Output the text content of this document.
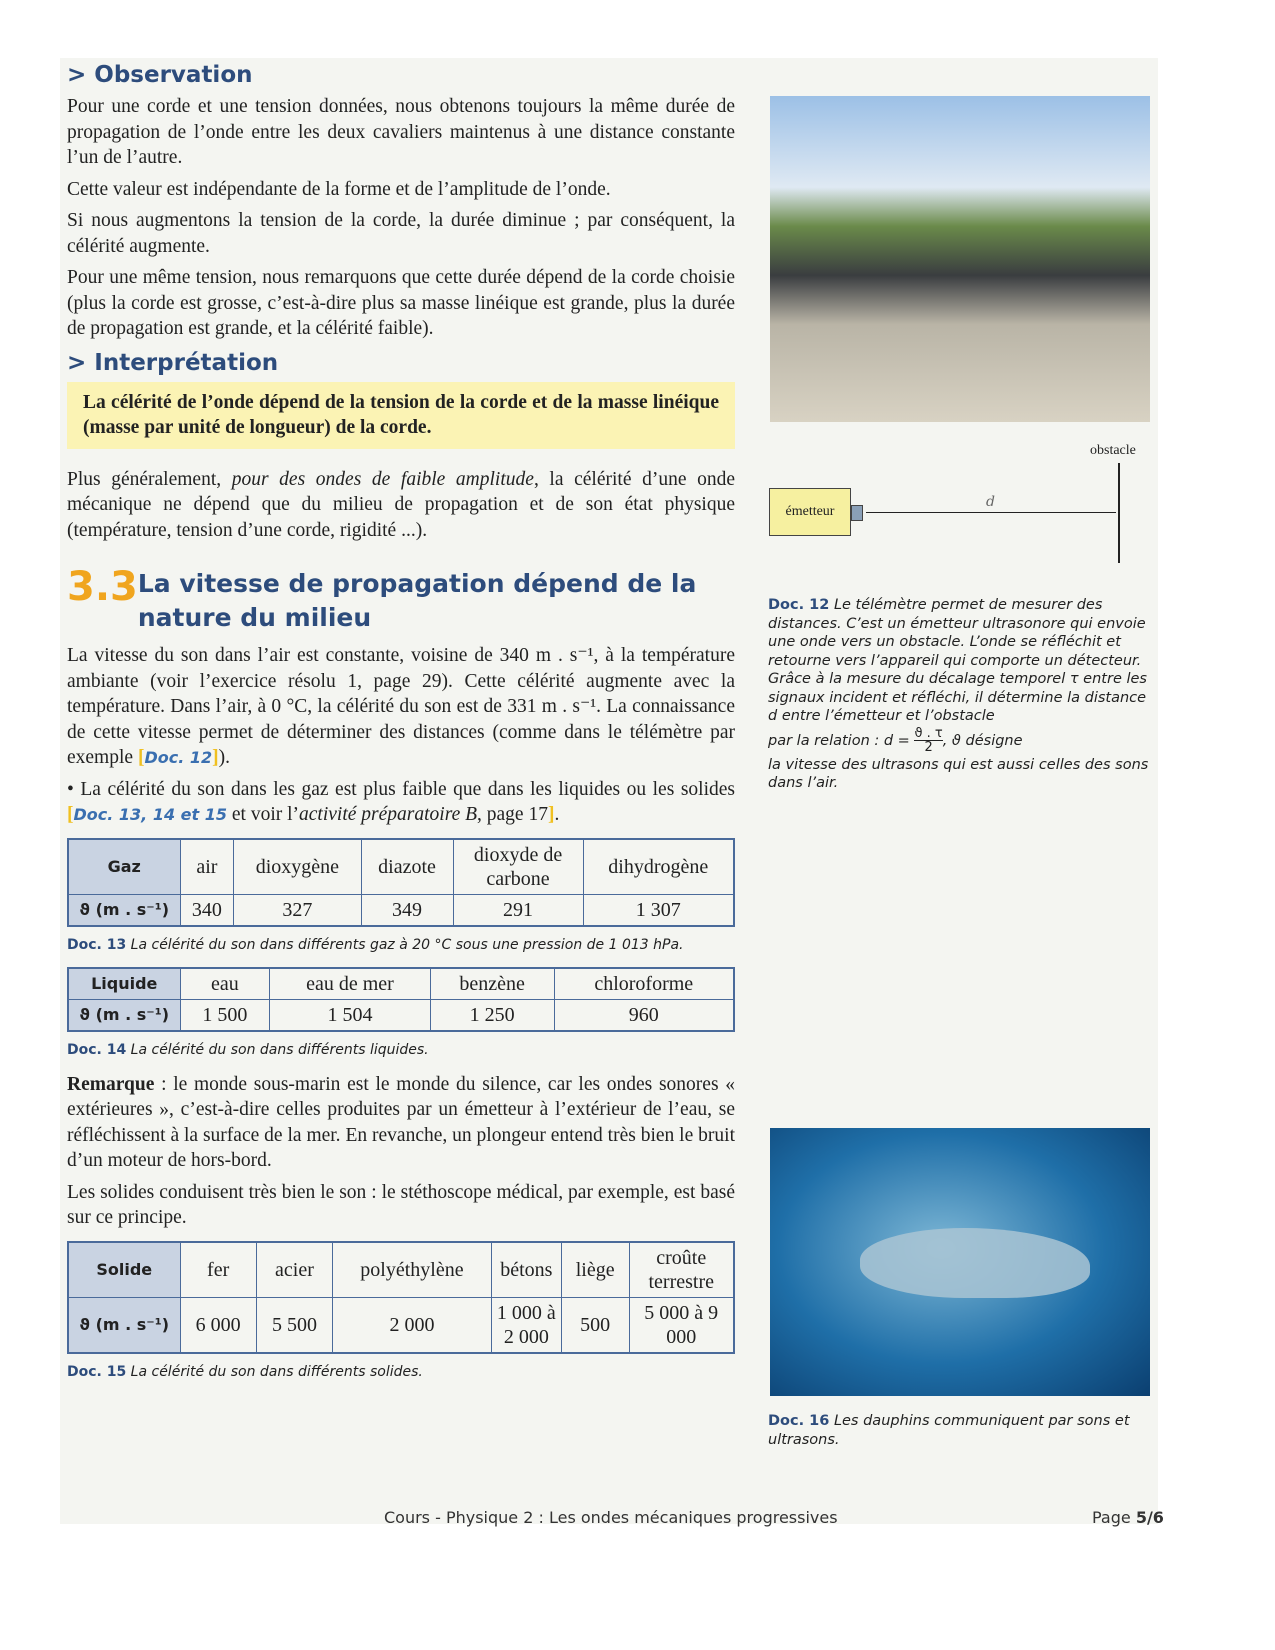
> Observation

Pour une corde et une tension données, nous obtenons toujours la même durée de propagation de l’onde entre les deux cavaliers maintenus à une distance constante l’un de l’autre.

Cette valeur est indépendante de la forme et de l’amplitude de l’onde.

Si nous augmentons la tension de la corde, la durée diminue ; par conséquent, la célérité augmente.

Pour une même tension, nous remarquons que cette durée dépend de la corde choisie (plus la corde est grosse, c’est-à-dire plus sa masse linéique est grande, plus la durée de propagation est grande, et la célérité faible).

> Interprétation

La célérité de l’onde dépend de la tension de la corde et de la masse linéique (masse par unité de longueur) de la corde.

Plus généralement, pour des ondes de faible amplitude, la célérité d’une onde mécanique ne dépend que du milieu de propagation et de son état physique (température, tension d’une corde, rigidité ...).

3.3 La vitesse de propagation dépend de la nature du milieu

La vitesse du son dans l’air est constante, voisine de 340 m . s⁻¹, à la température ambiante (voir l’exercice résolu 1, page 29). Cette célérité augmente avec la température. Dans l’air, à 0 °C, la célérité du son est de 331 m . s⁻¹. La connaissance de cette vitesse permet de déterminer des distances (comme dans le télémètre par exemple [Doc. 12]).

• La célérité du son dans les gaz est plus faible que dans les liquides ou les solides [Doc. 13, 14 et 15 et voir l’activité préparatoire B, page 17].

Gaz	air	dioxygène	diazote	dioxyde de carbone	dihydrogène
ϑ (m . s⁻¹)	340	327	349	291	1 307
Doc. 13 La célérité du son dans différents gaz à 20 °C sous une pression de 1 013 hPa.
Liquide	eau	eau de mer	benzène	chloroforme
ϑ (m . s⁻¹)	1 500	1 504	1 250	960
Doc. 14 La célérité du son dans différents liquides.

Remarque : le monde sous-marin est le monde du silence, car les ondes sonores « extérieures », c’est-à-dire celles produites par un émetteur à l’extérieur de l’eau, se réfléchissent à la surface de la mer. En revanche, un plongeur entend très bien le bruit d’un moteur de hors-bord.

Les solides conduisent très bien le son : le stéthoscope médical, par exemple, est basé sur ce principe.

Solide	fer	acier	polyéthylène	bétons	liège	croûte terrestre
ϑ (m . s⁻¹)	6 000	5 500	2 000	1 000 à 2 000	500	5 000 à 9 000
Doc. 15 La célérité du son dans différents solides.
obstacle
émetteur
d
Doc. 12 Le télémètre permet de mesurer des distances. C’est un émetteur ultrasonore qui envoie une onde vers un obstacle. L’onde se réfléchit et retourne vers l’appareil qui comporte un détecteur.
Grâce à la mesure du décalage temporel τ entre les signaux incident et réfléchi, il détermine la distance d entre l’émetteur et l’obstacle
par la relation : $d = \frac{ϑ . \tau}{2}$ , ϑ désigne
la vitesse des ultrasons qui est aussi celles des sons dans l’air.
Doc. 16 Les dauphins communiquent par sons et ultrasons.
Cours - Physique 2 : Les ondes mécaniques progressives	Page 5/6
